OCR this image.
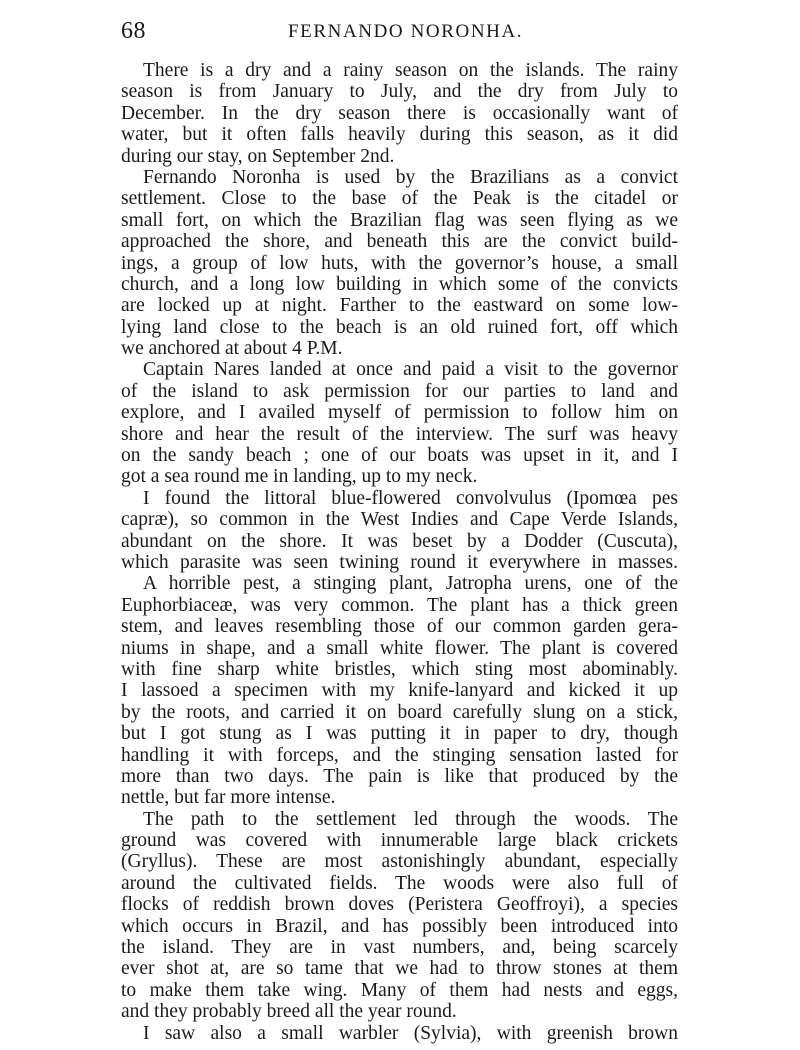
68	FERNANDO NORONHA.
There is a dry and a rainy season on the islands. The rainy
season is from January to July, and the dry from July to
December. In the dry season there is occasionally want of
water, but it often falls heavily during this season, as it did
during our stay, on September 2nd.
Fernando Noronha is used by the Brazilians as a convict
settlement. Close to the base of the Peak is the citadel or
small fort, on which the Brazilian flag was seen flying as we
approached the shore, and beneath this are the convict build-
ings, a group of low huts, with the governor’s house, a small
church, and a long low building in which some of the convicts
are locked up at night. Farther to the eastward on some low-
lying land close to the beach is an old ruined fort, off which
we anchored at about 4 P.M.
Captain Nares landed at once and paid a visit to the governor
of the island to ask permission for our parties to land and
explore, and I availed myself of permission to follow him on
shore and hear the result of the interview. The surf was heavy
on the sandy beach ; one of our boats was upset in it, and I
got a sea round me in landing, up to my neck.
I found the littoral blue-flowered convolvulus (Ipomœa pes
capræ), so common in the West Indies and Cape Verde Islands,
abundant on the shore. It was beset by a Dodder (Cuscuta),
which parasite was seen twining round it everywhere in masses.
A horrible pest, a stinging plant, Jatropha urens, one of the
Euphorbiaceæ, was very common. The plant has a thick green
stem, and leaves resembling those of our common garden gera-
niums in shape, and a small white flower. The plant is covered
with fine sharp white bristles, which sting most abominably.
I lassoed a specimen with my knife-lanyard and kicked it up
by the roots, and carried it on board carefully slung on a stick,
but I got stung as I was putting it in paper to dry, though
handling it with forceps, and the stinging sensation lasted for
more than two days. The pain is like that produced by the
nettle, but far more intense.
The path to the settlement led through the woods. The
ground was covered with innumerable large black crickets
(Gryllus). These are most astonishingly abundant, especially
around the cultivated fields. The woods were also full of
flocks of reddish brown doves (Peristera Geoffroyi), a species
which occurs in Brazil, and has possibly been introduced into
the island. They are in vast numbers, and, being scarcely
ever shot at, are so tame that we had to throw stones at them
to make them take wing. Many of them had nests and eggs,
and they probably breed all the year round.
I saw also a small warbler (Sylvia), with greenish brown
